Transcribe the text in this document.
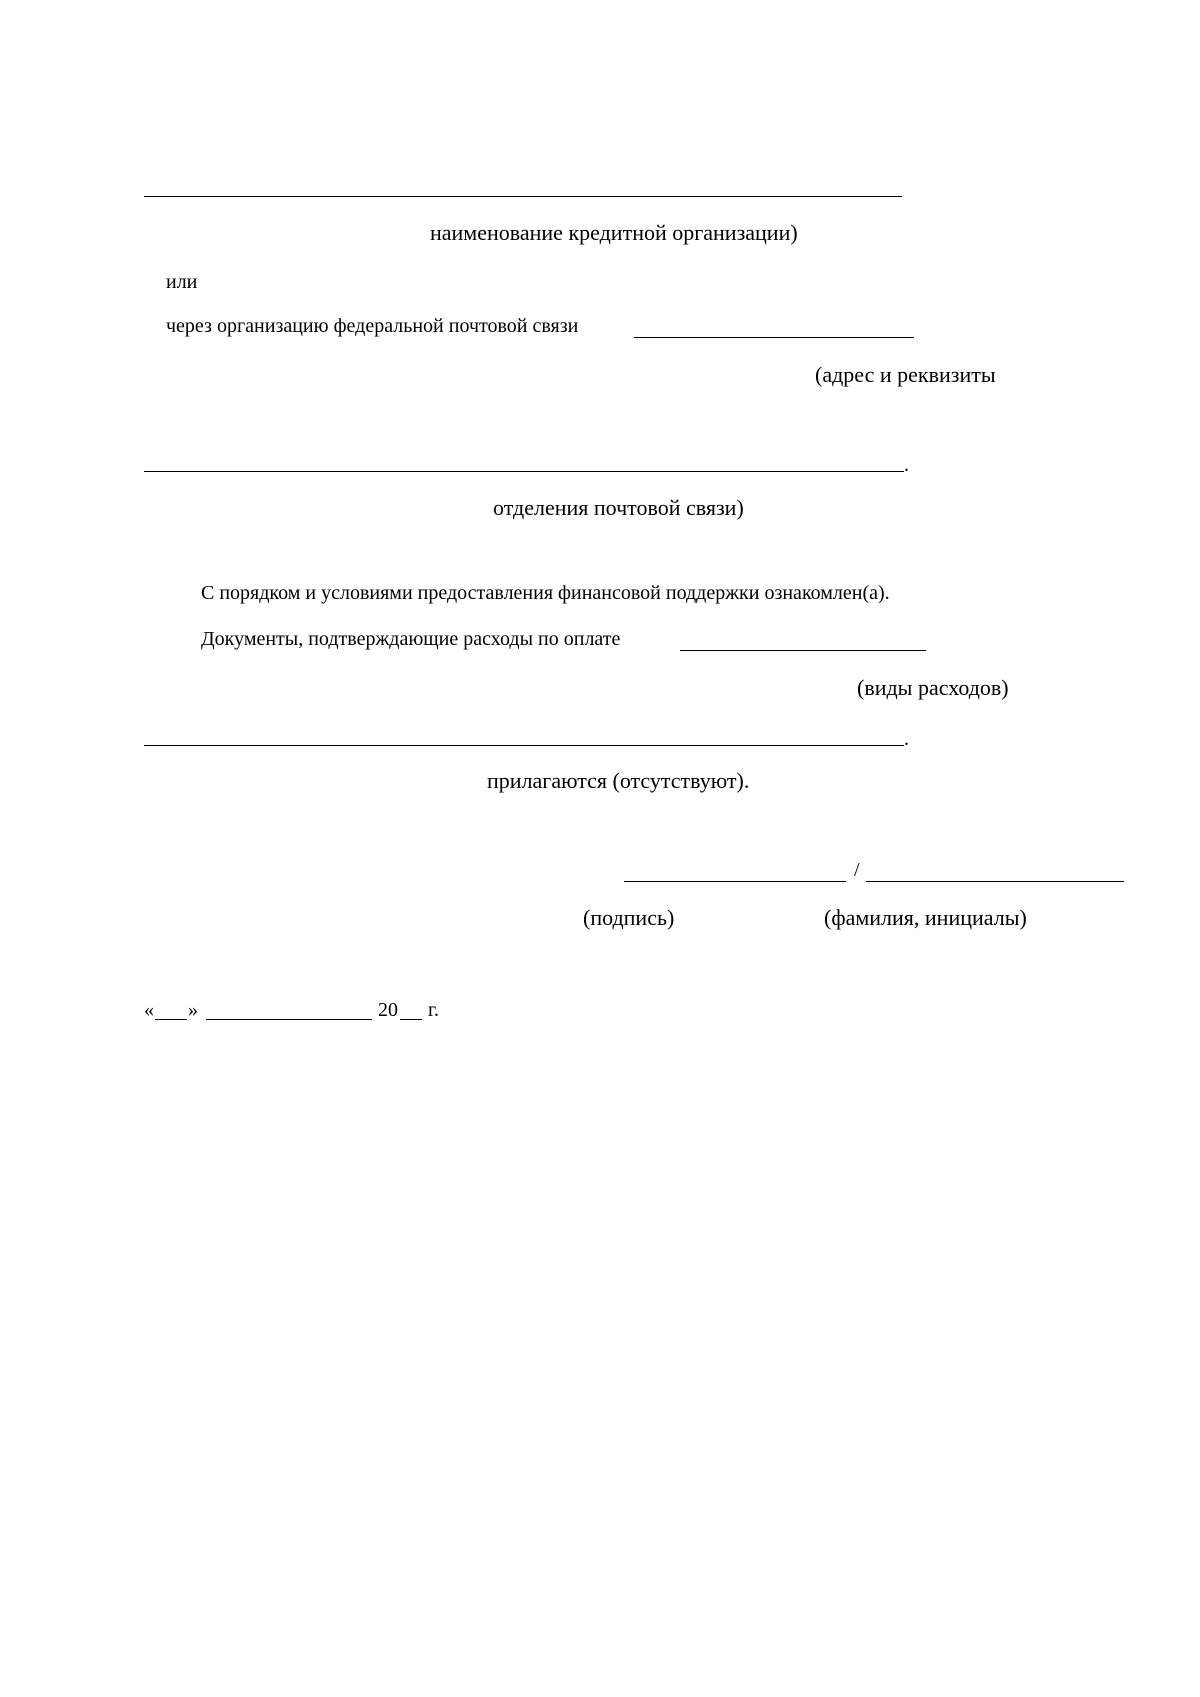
наименование кредитной организации)
или
через организацию федеральной почтовой связи
(адрес и реквизиты
.
отделения почтовой связи)
С порядком и условиями предоставления финансовой поддержки ознакомлен(а).
Документы, подтверждающие расходы по оплате
(виды расходов)
.
прилагаются (отсутствуют).
/
(подпись)	(фамилия, инициалы)
« »	20 г.
